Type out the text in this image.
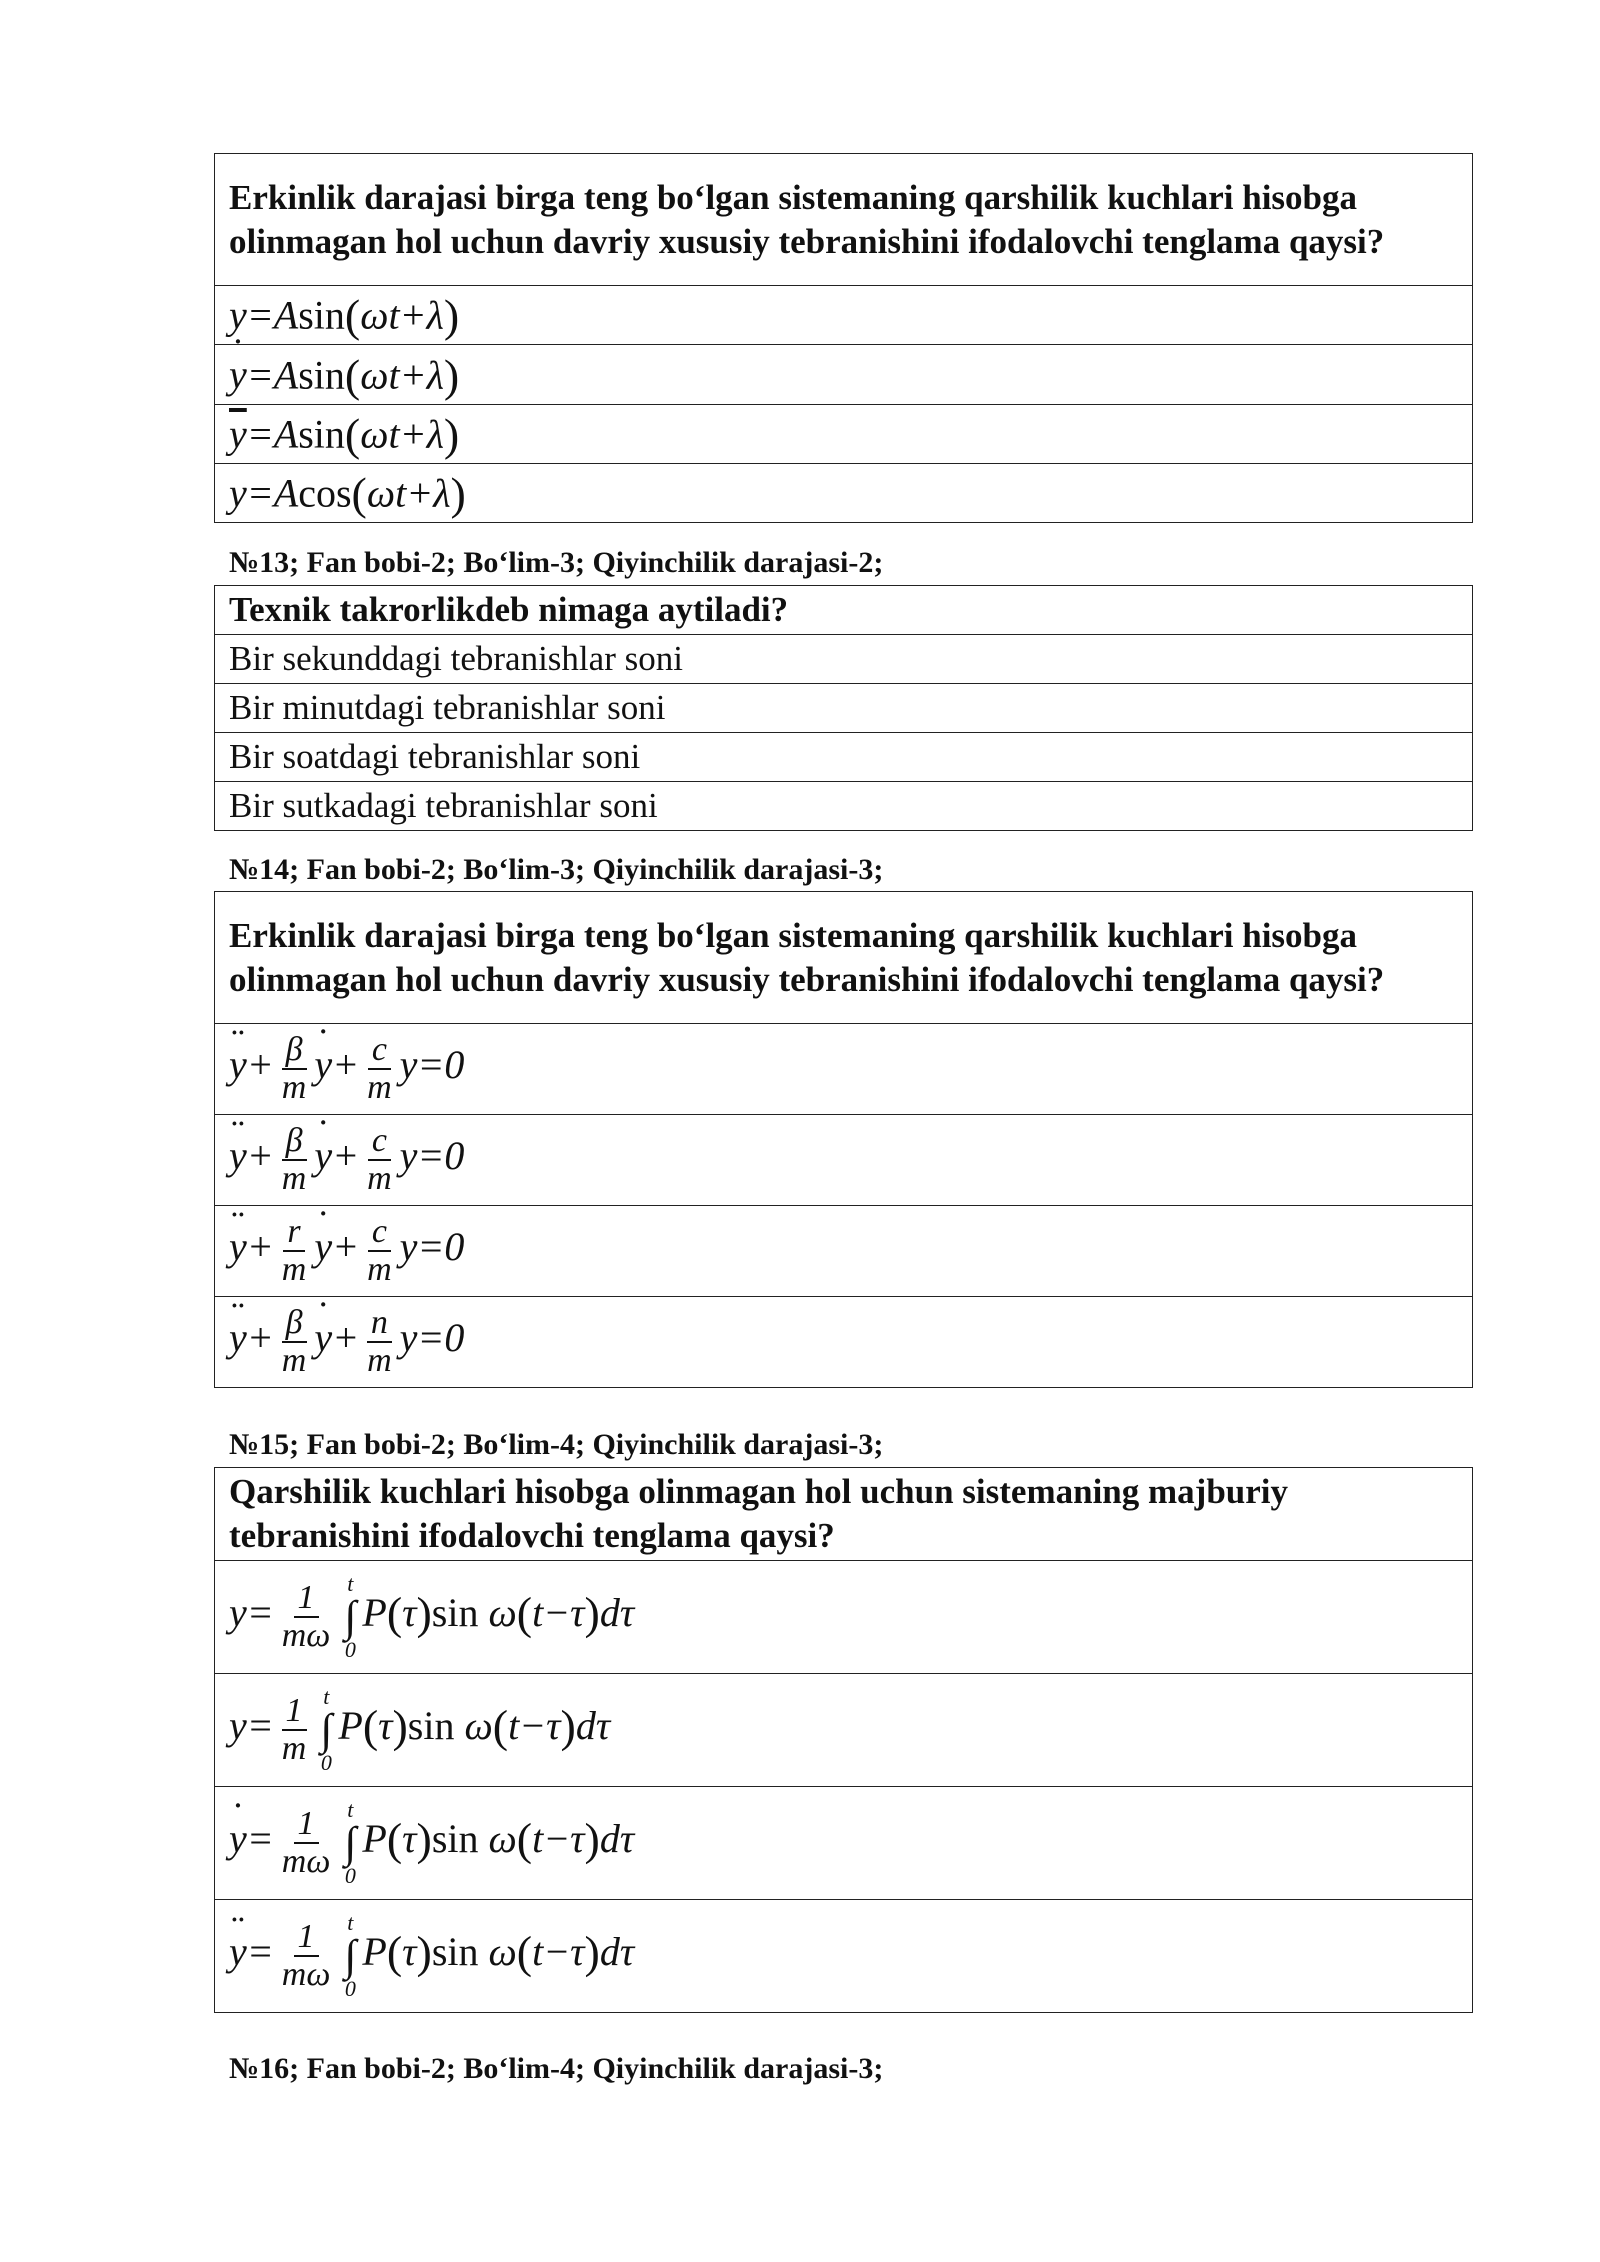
Erkinlik darajasi birga teng bo‘lgan sistemaning qarshilik kuchlari hisobga olinmagan hol uchun davriy xususiy tebranishini ifodalovchi tenglama qaysi?
y=Asin(ωt+λ)
˙ y=Asin(ωt+λ)
$\overline{y}=Asin(\omega t+\lambda)$
y=Acos(ωt+λ)
№13; Fan bobi-2; Bo‘lim-3; Qiyinchilik darajasi-2;
Texnik takrorlikdeb nimaga aytiladi?
Bir sekunddagi tebranishlar soni
Bir minutdagi tebranishlar soni
Bir soatdagi tebranishlar soni
Bir sutkadagi tebranishlar soni
№14; Fan bobi-2; Bo‘lim-3; Qiyinchilik darajasi-3;
Erkinlik darajasi birga teng bo‘lgan sistemaning qarshilik kuchlari hisobga olinmagan hol uchun davriy xususiy tebranishini ifodalovchi tenglama qaysi?
¨ $y+ \frac{\beta}{m}$ ˙ $y+ \frac{c}{m} y=0$
¨ $y+ \frac{\beta}{m}$ ˙ $y+ \frac{c}{m} y=0$
¨ $y+ \frac{r}{m}$ ˙ $y+ \frac{c}{m} y=0$
¨ $y+ \frac{\beta}{m}$ ˙ $y+ \frac{n}{m} y=0$
№15; Fan bobi-2; Bo‘lim-4; Qiyinchilik darajasi-3;
Qarshilik kuchlari hisobga olinmagan hol uchun sistemaning majburiy tebranishini ifodalovchi tenglama qaysi?
$y= \frac{1}{m\omega}$ t
∫
0
P(τ)sin ω(t−τ)dτ
$y= \frac{1}{m}$ t
∫
0
P(τ)sin ω(t−τ)dτ
˙ $y= \frac{1}{m\omega}$ t
∫
0
P(τ)sin ω(t−τ)dτ
¨ $y= \frac{1}{m\omega}$ t
∫
0
P(τ)sin ω(t−τ)dτ
№16; Fan bobi-2; Bo‘lim-4; Qiyinchilik darajasi-3;
